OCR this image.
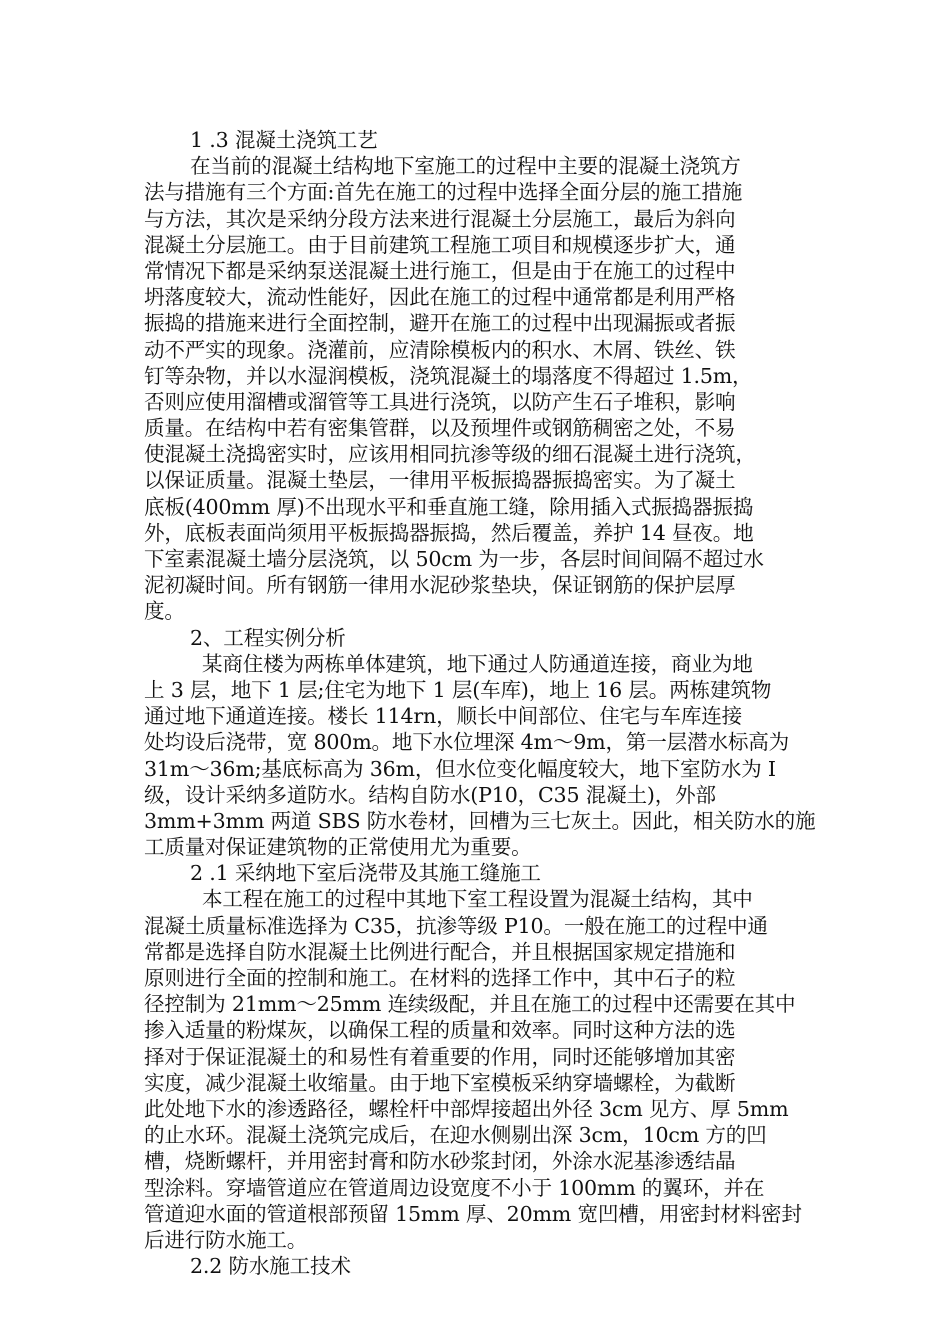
1 .3 混凝土浇筑工艺
在当前的混凝土结构地下室施工的过程中主要的混凝土浇筑方
法与措施有三个方面:首先在施工的过程中选择全面分层的施工措施
与方法，其次是采纳分段方法来进行混凝土分层施工，最后为斜向
混凝土分层施工。由于目前建筑工程施工项目和规模逐步扩大，通
常情况下都是采纳泵送混凝土进行施工，但是由于在施工的过程中
坍落度较大，流动性能好，因此在施工的过程中通常都是利用严格
振捣的措施来进行全面控制，避开在施工的过程中出现漏振或者振
动不严实的现象。浇灌前，应清除模板内的积水、木屑、铁丝、铁
钉等杂物，并以水湿润模板，浇筑混凝土的塌落度不得超过 1.5m，
否则应使用溜槽或溜管等工具进行浇筑，以防产生石子堆积，影响
质量。在结构中若有密集管群，以及预埋件或钢筋稠密之处，不易
使混凝土浇捣密实时，应该用相同抗渗等级的细石混凝土进行浇筑，
以保证质量。混凝土垫层，一律用平板振捣器振捣密实。为了凝土
底板(400mm 厚)不出现水平和垂直施工缝，除用插入式振捣器振捣
外，底板表面尚须用平板振捣器振捣，然后覆盖，养护 14 昼夜。地
下室素混凝土墙分层浇筑，以 50cm 为一步，各层时间间隔不超过水
泥初凝时间。所有钢筋一律用水泥砂浆垫块，保证钢筋的保护层厚
度。
2、工程实例分析
某商住楼为两栋单体建筑，地下通过人防通道连接，商业为地
上 3 层，地下 1 层;住宅为地下 1 层(车库)，地上 16 层。两栋建筑物
通过地下通道连接。楼长 114rn，顺长中间部位、住宅与车库连接
处均设后浇带，宽 800m。地下水位埋深 4m～9m，第一层潜水标高为
31m～36m;基底标高为 36m，但水位变化幅度较大，地下室防水为 I
级，设计采纳多道防水。结构自防水(P10，C35 混凝土)，外部
3mm+3mm 两道 SBS 防水卷材，回槽为三七灰土。因此，相关防水的施
工质量对保证建筑物的正常使用尤为重要。
2 .1 采纳地下室后浇带及其施工缝施工
本工程在施工的过程中其地下室工程设置为混凝土结构，其中
混凝土质量标准选择为 C35，抗渗等级 P10。一般在施工的过程中通
常都是选择自防水混凝土比例进行配合，并且根据国家规定措施和
原则进行全面的控制和施工。在材料的选择工作中，其中石子的粒
径控制为 21mm～25mm 连续级配，并且在施工的过程中还需要在其中
掺入适量的粉煤灰，以确保工程的质量和效率。同时这种方法的选
择对于保证混凝土的和易性有着重要的作用，同时还能够增加其密
实度，减少混凝土收缩量。由于地下室模板采纳穿墙螺栓，为截断
此处地下水的渗透路径，螺栓杆中部焊接超出外径 3cm 见方、厚 5mm
的止水环。混凝土浇筑完成后，在迎水侧剔出深 3cm，10cm 方的凹
槽，烧断螺杆，并用密封膏和防水砂浆封闭，外涂水泥基渗透结晶
型涂料。穿墙管道应在管道周边设宽度不小于 100mm 的翼环，并在
管道迎水面的管道根部预留 15mm 厚、20mm 宽凹槽，用密封材料密封
后进行防水施工。
2.2 防水施工技术
